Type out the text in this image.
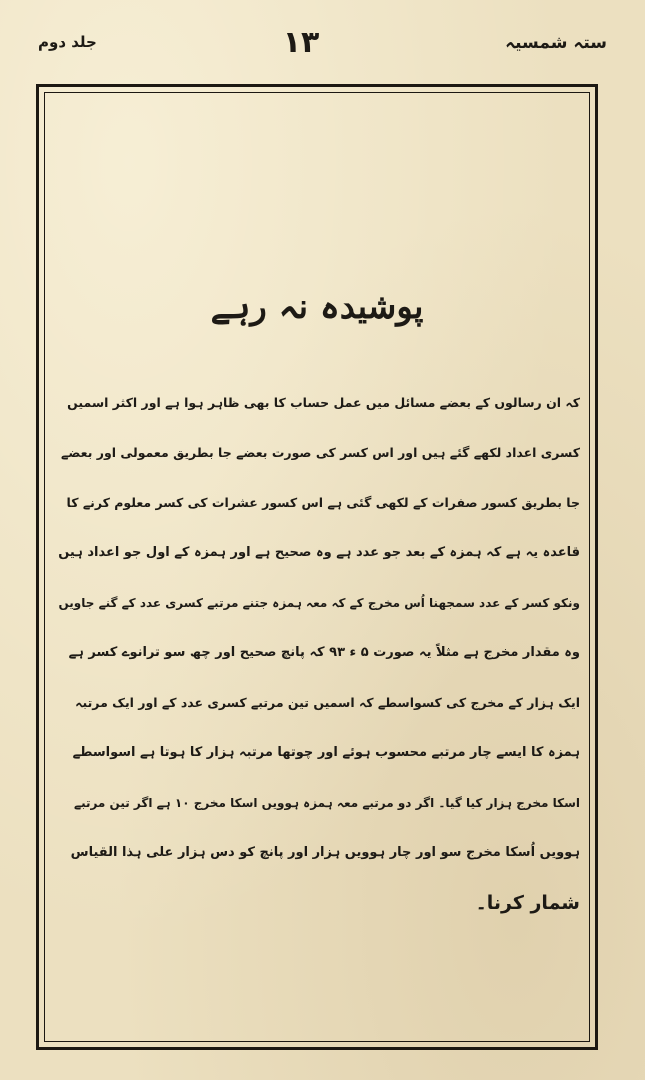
ستہ شمسیہ
۱۳
جلد دوم
پوشیدہ نہ رہے
کہ ان رسالوں کے بعضے مسائل میں عمل حساب کا بھی ظاہر ہوا ہے اور اکثر اسمیں
کسری اعداد لکھے گئے ہیں اور اس کسر کی صورت بعضے جا بطریق معمولی اور بعضے
جا بطریق کسور صفرات کے لکھی گئی ہے اس کسور عشرات کی کسر معلوم کرنے کا
قاعدہ یہ ہے کہ ہمزہ کے بعد جو عدد ہے وہ صحیح ہے اور ہمزہ کے اول جو اعداد ہیں
ونکو کسر کے عدد سمجھنا اُس مخرج کے کہ معہ ہمزہ جتنے مرتبے کسری عدد کے گنے جاویں
وہ مقدار مخرج ہے مثلاً یہ صورت ۵ ء ۹۳ کہ پانچ صحیح اور چھ سو ترانوے کسر ہے
ایک ہزار کے مخرج کی کسواسطے کہ اسمیں تین مرتبے کسری عدد کے اور ایک مرتبہ
ہمزہ کا ایسے چار مرتبے محسوب ہوئے اور چوتھا مرتبہ ہزار کا ہوتا ہے اسواسطے
اسکا مخرج ہزار کیا گیا۔ اگر دو مرتبے معہ ہمزہ ہوویں اسکا مخرج ۱۰ ہے اگر تین مرتبے
ہوویں اُسکا مخرج سو اور چار ہوویں ہزار اور پانچ کو دس ہزار علی ہذا القیاس
شمار کرنا۔
